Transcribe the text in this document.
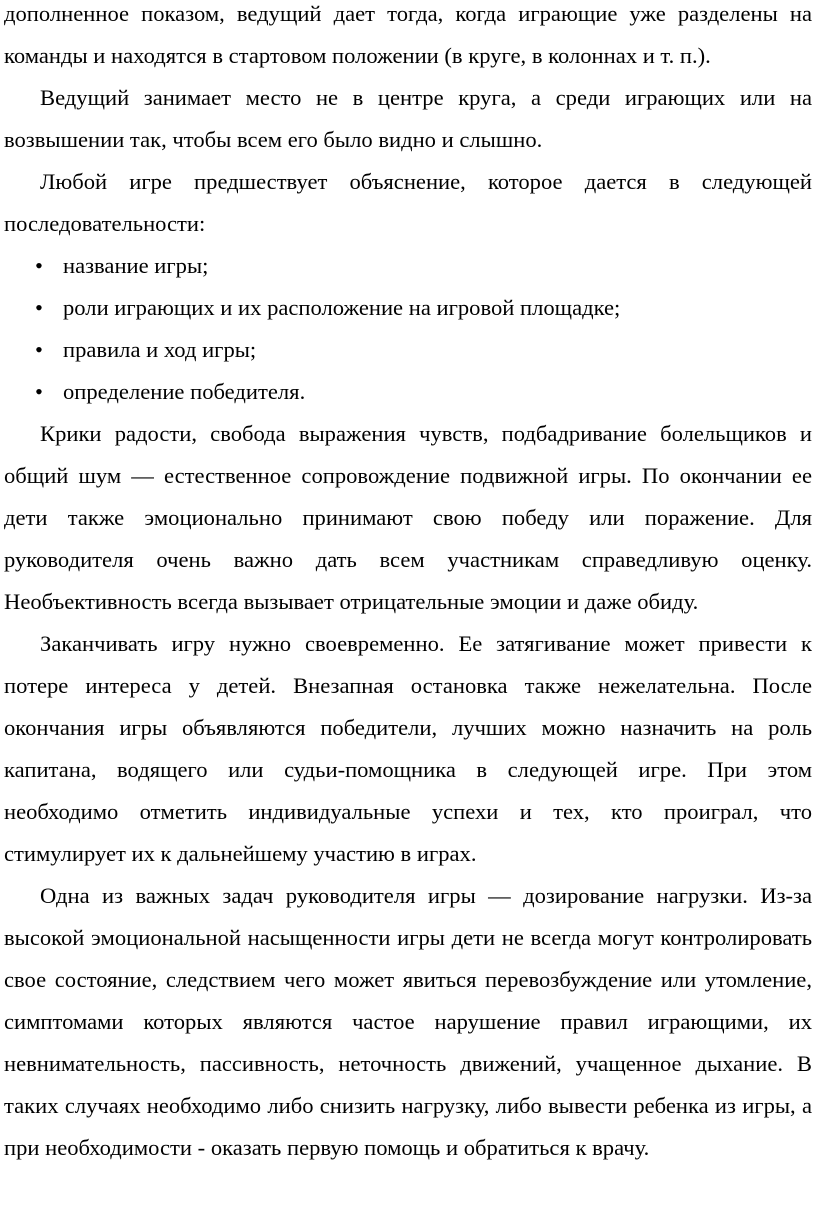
дополненное показом, ведущий дает тогда, когда играющие уже разделены на команды и находятся в стартовом положении (в круге, в колоннах и т. п.).

Ведущий занимает место не в центре круга, а среди играющих или на возвышении так, чтобы всем его было видно и слышно.

Любой игре предшествует объяснение, которое дается в следующей последовательности:

• название игры;
• роли играющих и их расположение на игровой площадке;
• правила и ход игры;
• определение победителя.

Крики радости, свобода выражения чувств, подбадривание болельщиков и общий шум — естественное сопровождение подвижной игры. По окончании ее дети также эмоционально принимают свою победу или поражение. Для руководителя очень важно дать всем участникам справедливую оценку. Необъективность всегда вызывает отрицательные эмоции и даже обиду.

Заканчивать игру нужно своевременно. Ее затягивание может привести к потере интереса у детей. Внезапная остановка также нежелательна. После окончания игры объявляются победители, лучших можно назначить на роль капитана, водящего или судьи-помощника в следующей игре. При этом необходимо отметить индивидуальные успехи и тех, кто проиграл, что стимулирует их к дальнейшему участию в играх.

Одна из важных задач руководителя игры — дозирование нагрузки. Из-за высокой эмоциональной насыщенности игры дети не всегда могут контролировать свое состояние, следствием чего может явиться перевозбуждение или утомление, симптомами которых являются частое нарушение правил играющими, их невнимательность, пассивность, неточность движений, учащенное дыхание. В таких случаях необходимо либо снизить нагрузку, либо вывести ребенка из игры, а при необходимости - оказать первую помощь и обратиться к врачу.
